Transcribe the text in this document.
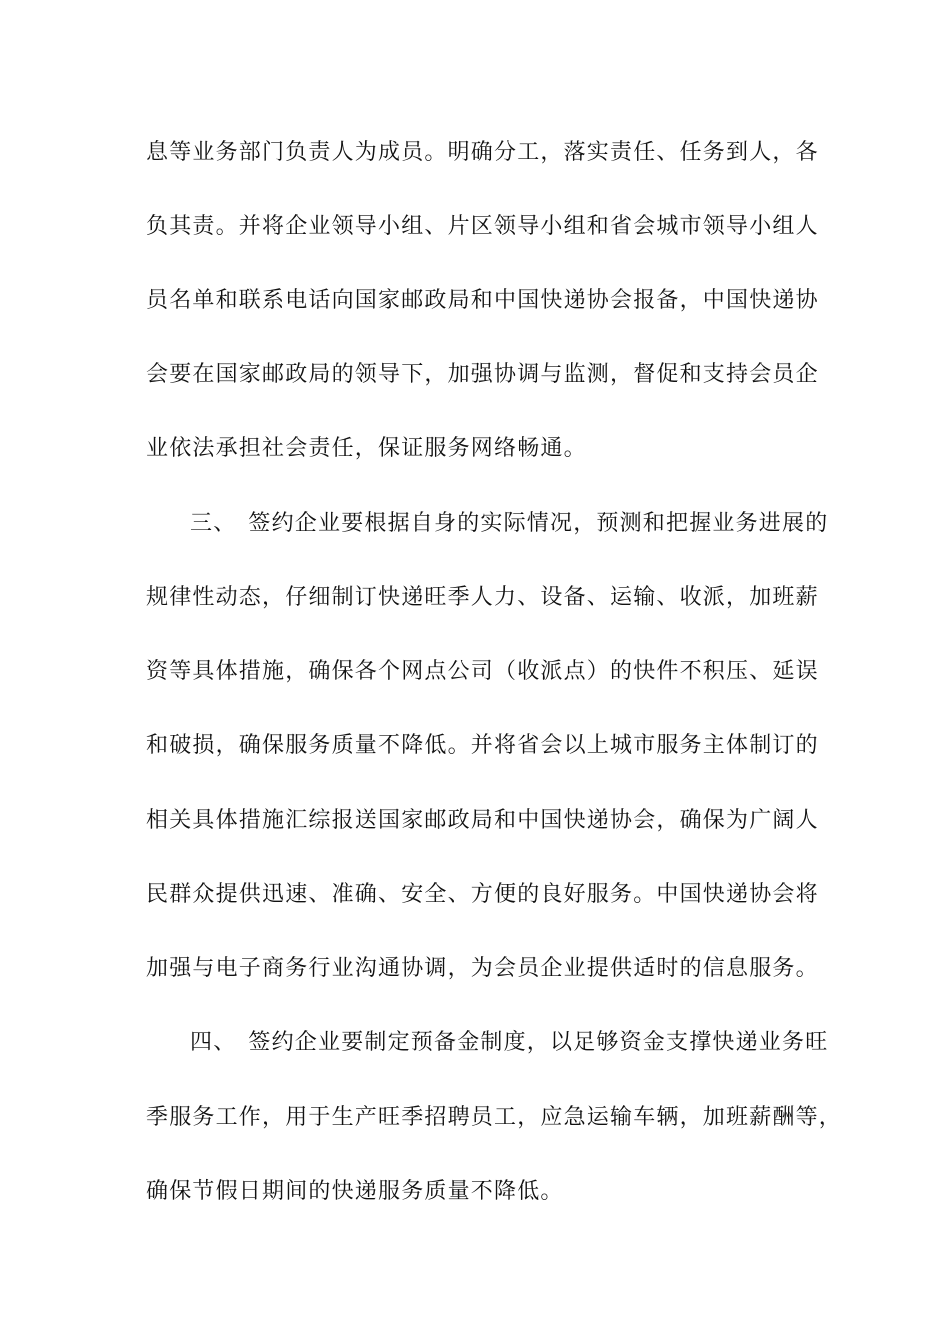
息等业务部门负责人为成员。明确分工，落实责任、任务到人，各
负其责。并将企业领导小组、片区领导小组和省会城市领导小组人
员名单和联系电话向国家邮政局和中国快递协会报备，中国快递协
会要在国家邮政局的领导下，加强协调与监测，督促和支持会员企
业依法承担社会责任，保证服务网络畅通。
三、 签约企业要根据自身的实际情况，预测和把握业务进展的
规律性动态，仔细制订快递旺季人力、设备、运输、收派，加班薪
资等具体措施，确保各个网点公司（收派点）的快件不积压、延误
和破损，确保服务质量不降低。并将省会以上城市服务主体制订的
相关具体措施汇综报送国家邮政局和中国快递协会，确保为广阔人
民群众提供迅速、准确、安全、方便的良好服务。中国快递协会将
加强与电子商务行业沟通协调，为会员企业提供适时的信息服务。
四、 签约企业要制定预备金制度，以足够资金支撑快递业务旺
季服务工作，用于生产旺季招聘员工，应急运输车辆，加班薪酬等，
确保节假日期间的快递服务质量不降低。
